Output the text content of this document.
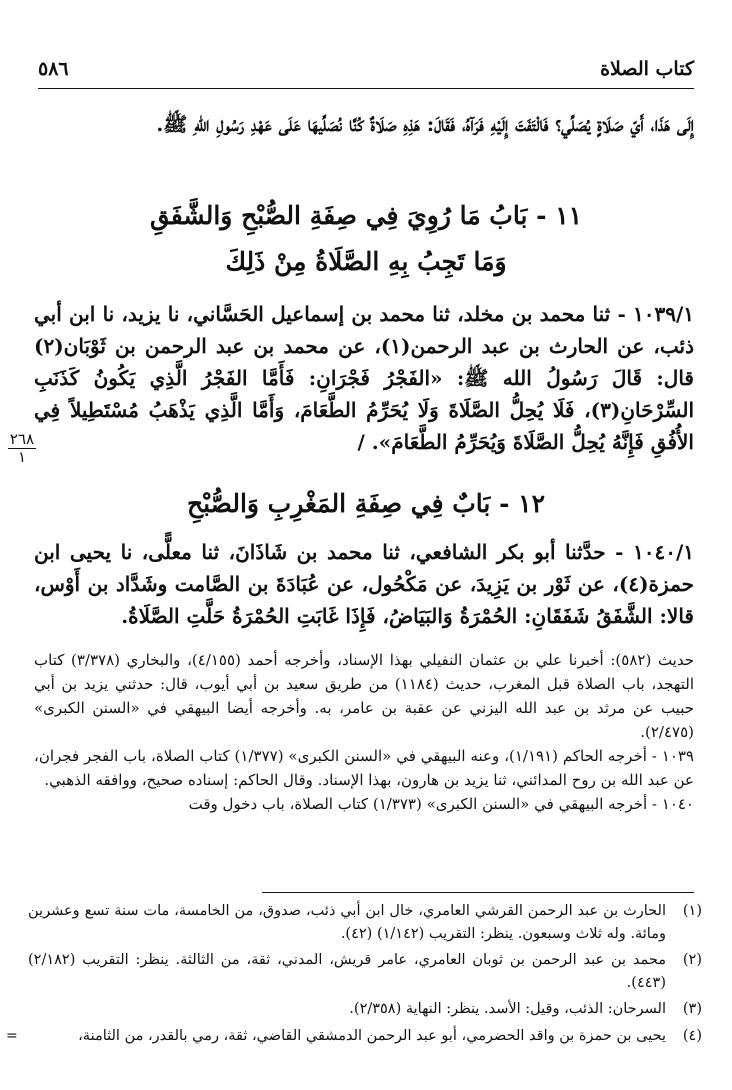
كتاب الصلاة
٥٨٦
إِلَى هَذَا، أَيّ صَلَاةٍ يُصَلِّي؟ فَالْتَفَتَ إِلَيْهِ فَرَآهُ، فَقَالَ: هَذِهِ صَلَاةٌ كُنَّا نُصَلِّيهَا عَلَى عَهْدِ رَسُولِ اللهِ ﷺ.
١١ - بَابُ مَا رُوِيَ فِي صِفَةِ الصُّبْحِ وَالشَّفَقِ
وَمَا تَجِبُ بِهِ الصَّلَاةُ مِنْ ذَلِكَ
١٠٣٩/١ - ثنا محمد بن مخلد، ثنا محمد بن إسماعيل الحَسَّاني، نا يزيد، نا ابن أبي ذئب، عن الحارث بن عبد الرحمن(١)، عن محمد بن عبد الرحمن بن ثَوْبَان(٢) قال: قَالَ رَسُولُ الله ﷺ: «الفَجْرُ فَجْرَانِ: فَأَمَّا الفَجْرُ الَّذِي يَكُونُ كَذَنَبِ السِّرْحَانِ(٣)، فَلَا يُحِلُّ الصَّلَاةَ وَلَا يُحَرِّمُ الطَّعَامَ، وَأَمَّا الَّذِي يَذْهَبُ مُسْتَطِيلاً فِي الأُفُقِ فَإِنَّهُ يُحِلُّ الصَّلَاةَ وَيُحَرِّمُ الطَّعَامَ». /
٢٦٨
١
١٢ - بَابٌ فِي صِفَةِ المَغْرِبِ وَالصُّبْحِ
١٠٤٠/١ - حدَّثنا أبو بكر الشافعي، ثنا محمد بن شَاذَانَ، ثنا معلًّى، نا يحيى ابن حمزة(٤)، عن ثَوْر بن يَزِيدَ، عن مَكْحُول، عن عُبَادَةَ بن الصَّامت وشَدَّاد بن أَوْس، قالا: الشَّفَقُ شَفَقَانِ: الحُمْرَةُ وَالبَيَاضُ، فَإِذَا غَابَتِ الحُمْرَةُ حَلَّتِ الصَّلَاةُ.

حديث (٥٨٢): أخبرنا علي بن عثمان النفيلي بهذا الإسناد، وأخرجه أحمد (٤/١٥٥)، والبخاري (٣/٣٧٨) كتاب التهجد، باب الصلاة قبل المغرب، حديث (١١٨٤) من طريق سعيد بن أبي أيوب، قال: حدثني يزيد بن أبي حبيب عن مرثد بن عبد الله اليزني عن عقبة بن عامر، به. وأخرجه أيضا البيهقي في «السنن الكبرى» (٢/٤٧٥).

١٠٣٩ - أخرجه الحاكم (١/١٩١)، وعنه البيهقي في «السنن الكبرى» (١/٣٧٧) كتاب الصلاة، باب الفجر فجران، عن عبد الله بن روح المدائني، ثنا يزيد بن هارون، بهذا الإسناد. وقال الحاكم: إسناده صحيح، ووافقه الذهبي.

١٠٤٠ - أخرجه البيهقي في «السنن الكبرى» (١/٣٧٣) كتاب الصلاة، باب دخول وقت

(١)
الحارث بن عبد الرحمن القرشي العامري، خال ابن أبي ذئب، صدوق، من الخامسة، مات سنة تسع وعشرين ومائة. وله ثلاث وسبعون. ينظر: التقريب (١/١٤٢) (٤٢).
(٢)
محمد بن عبد الرحمن بن ثوبان العامري، عامر قريش، المدني، ثقة، من الثالثة. ينظر: التقريب (٢/١٨٢) (٤٤٣).
(٣)
السرحان: الذئب، وقيل: الأسد. ينظر: النهاية (٢/٣٥٨).
(٤)
يحيى بن حمزة بن واقد الحضرمي، أبو عبد الرحمن الدمشقي القاضي، ثقة، رمي بالقدر، من الثامنة،
=
